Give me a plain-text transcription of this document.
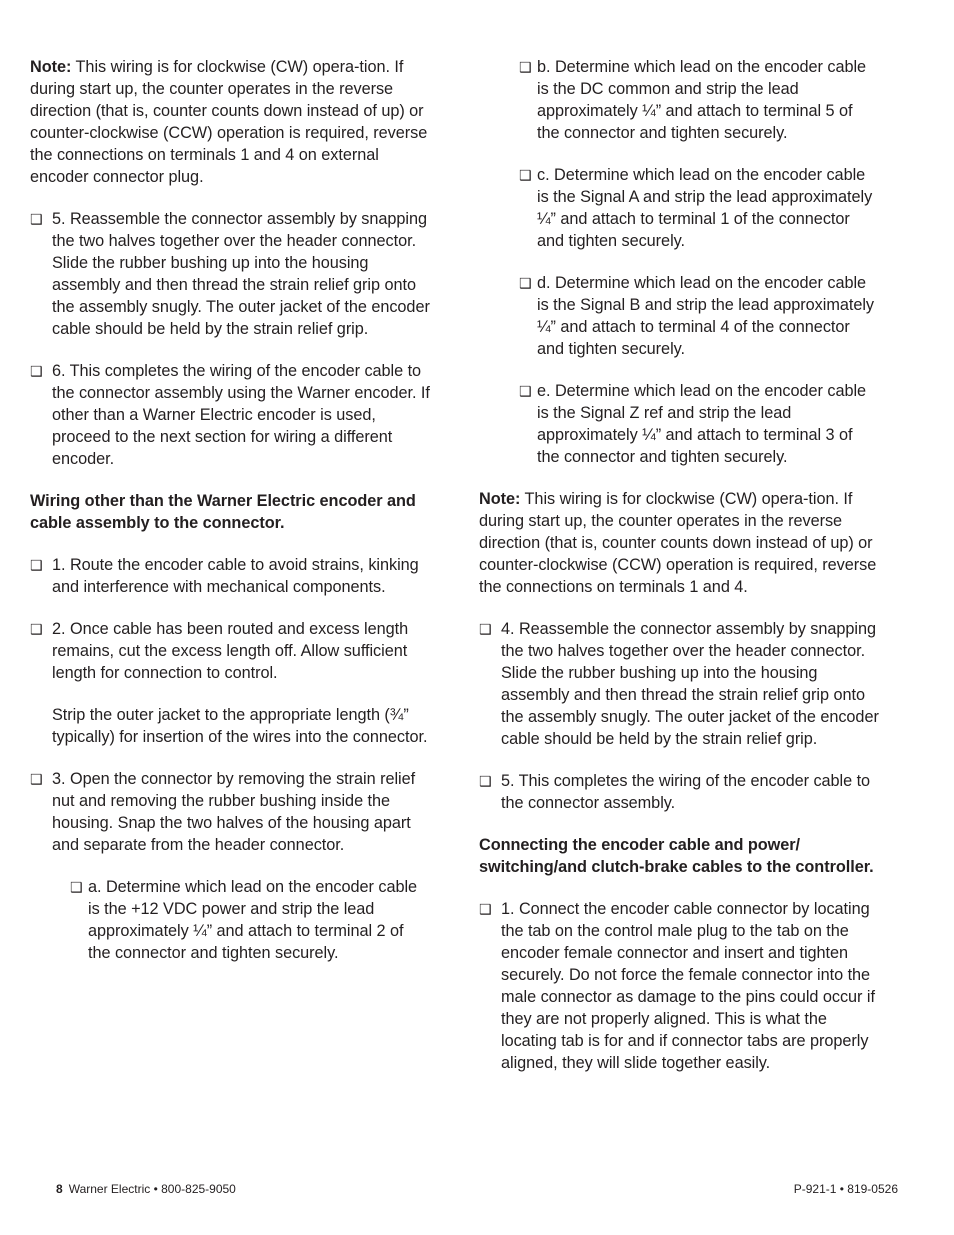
Note: This wiring is for clockwise (CW) opera-tion. If during start up, the counter operates in the reverse direction (that is, counter counts down instead of up) or counter-clockwise (CCW) operation is required, reverse the connections on terminals 1 and 4 on external encoder connector plug.

❑ 5. Reassemble the connector assembly by snapping the two halves together over the header connector. Slide the rubber bushing up into the housing assembly and then thread the strain relief grip onto the assembly snugly. The outer jacket of the encoder cable should be held by the strain relief grip.

❑ 6. This completes the wiring of the encoder cable to the connector assembly using the Warner encoder. If other than a Warner Electric encoder is used, proceed to the next section for wiring a different encoder.

Wiring other than the Warner Electric encoder and cable assembly to the connector.

❑ 1. Route the encoder cable to avoid strains, kinking and interference with mechanical components.

❑ 2. Once cable has been routed and excess length remains, cut the excess length off. Allow sufficient length for connection to control.

Strip the outer jacket to the appropriate length (¾” typically) for insertion of the wires into the connector.

❑ 3. Open the connector by removing the strain relief nut and removing the rubber bushing inside the housing. Snap the two halves of the housing apart and separate from the header connector.

❑ a. Determine which lead on the encoder cable is the +12 VDC power and strip the lead approximately ¼” and attach to terminal 2 of the connector and tighten securely.

❑ b. Determine which lead on the encoder cable is the DC common and strip the lead approximately ¼” and attach to terminal 5 of the connector and tighten securely.

❑ c. Determine which lead on the encoder cable is the Signal A and strip the lead approximately ¼” and attach to terminal 1 of the connector and tighten securely.

❑ d. Determine which lead on the encoder cable is the Signal B and strip the lead approximately ¼” and attach to terminal 4 of the connector and tighten securely.

❑ e. Determine which lead on the encoder cable is the Signal Z ref and strip the lead approximately ¼” and attach to terminal 3 of the connector and tighten securely.

Note: This wiring is for clockwise (CW) opera-tion. If during start up, the counter operates in the reverse direction (that is, counter counts down instead of up) or counter-clockwise (CCW) operation is required, reverse the connections on terminals 1 and 4.

❑ 4. Reassemble the connector assembly by snapping the two halves together over the header connector. Slide the rubber bushing up into the housing assembly and then thread the strain relief grip onto the assembly snugly. The outer jacket of the encoder cable should be held by the strain relief grip.

❑ 5. This completes the wiring of the encoder cable to the connector assembly.

Connecting the encoder cable and power/ switching/and clutch-brake cables to the controller.

❑ 1. Connect the encoder cable connector by locating the tab on the control male plug to the tab on the encoder female connector and insert and tighten securely. Do not force the female connector into the male connector as damage to the pins could occur if they are not properly aligned. This is what the locating tab is for and if connector tabs are properly aligned, they will slide together easily.

8 Warner Electric • 800-825-9050	P-921-1 • 819-0526
